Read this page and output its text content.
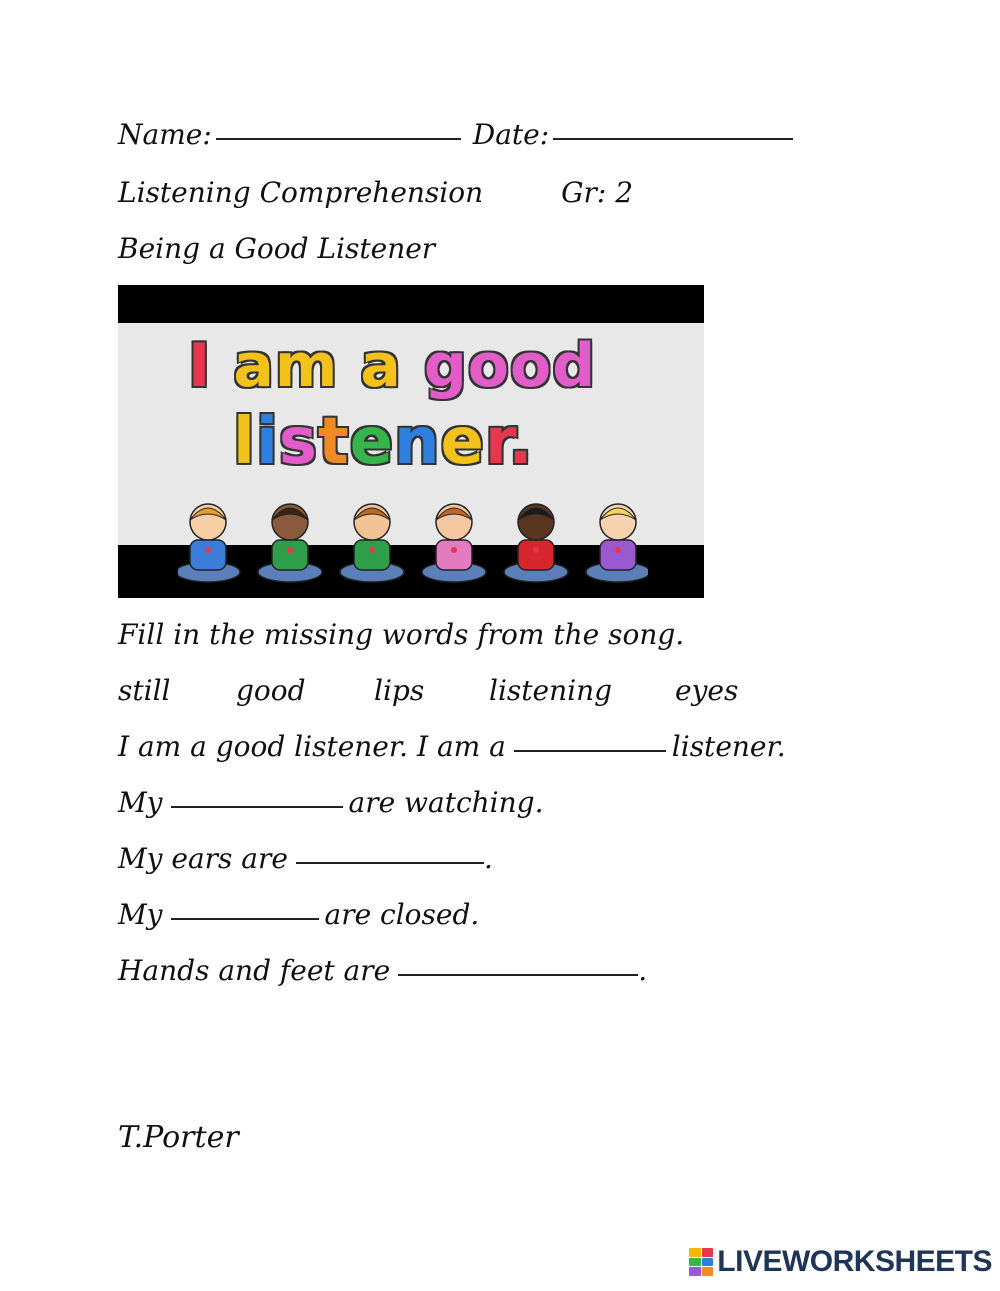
Name:	Date:
Listening Comprehension	Gr: 2
Being a Good Listener
I am a good
listener.
Fill in the missing words from the song.
still	good	lips	listening	eyes
I am a good listener. I am a	listener.
My	are watching.
My ears are	.
My	are closed.
Hands and feet are	.
T.Porter
LIVEWORKSHEETS
